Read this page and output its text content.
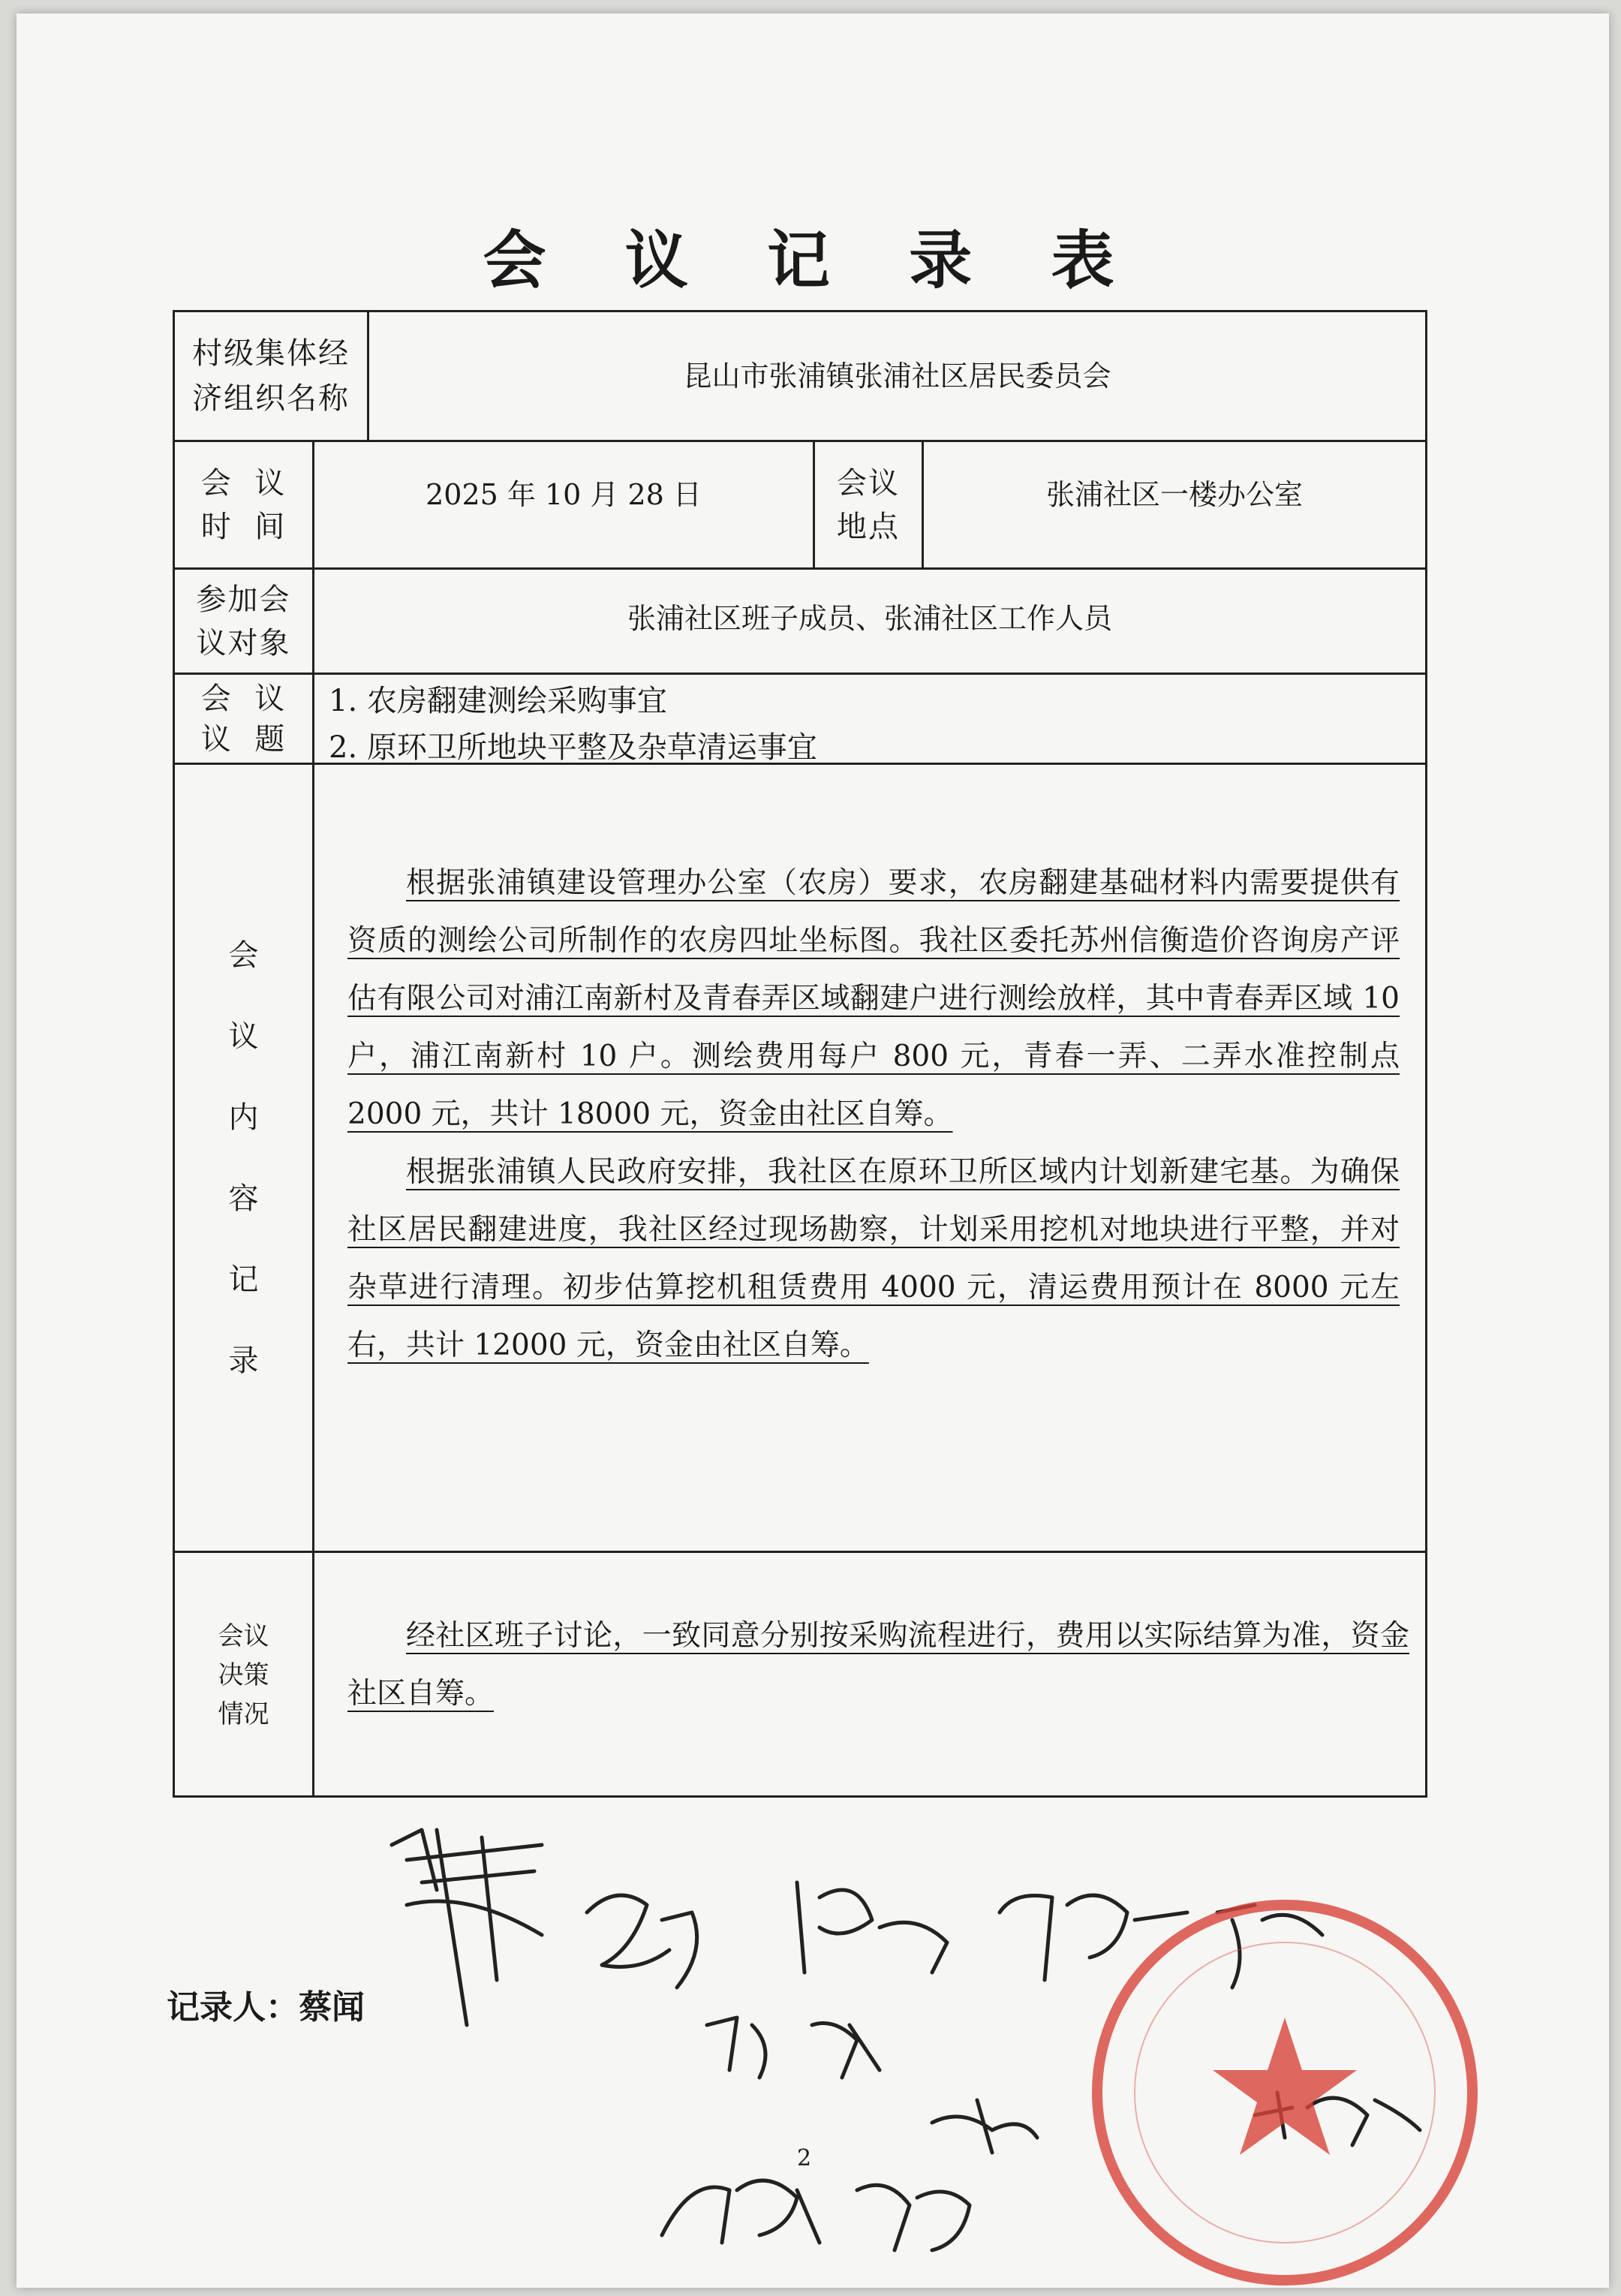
会 议 记 录 表
村级集体经
济组织名称
昆山市张浦镇张浦社区居民委员会
会  议
时  间
2025 年 10 月 28 日	会议
地点
张浦社区一楼办公室
参加会
议对象
张浦社区班子成员、张浦社区工作人员
会  议
议  题
1. 农房翻建测绘采购事宜
2. 原环卫所地块平整及杂草清运事宜
会
议
内
容
记
录

根据张浦镇建设管理办公室（农房）要求，农房翻建基础材料内需要提供有资质的测绘公司所制作的农房四址坐标图。我社区委托苏州信衡造价咨询房产评估有限公司对浦江南新村及青春弄区域翻建户进行测绘放样，其中青春弄区域 10 户，浦江南新村 10 户。测绘费用每户 800 元，青春一弄、二弄水准控制点 2000 元，共计 18000 元，资金由社区自筹。

根据张浦镇人民政府安排，我社区在原环卫所区域内计划新建宅基。为确保社区居民翻建进度，我社区经过现场勘察，计划采用挖机对地块进行平整，并对杂草进行清理。初步估算挖机租赁费用 4000 元，清运费用预计在 8000 元左右，共计 12000 元，资金由社区自筹。

会议
决策
情况

经社区班子讨论，一致同意分别按采购流程进行，费用以实际结算为准，资金社区自筹。

记录人：蔡闻
2
